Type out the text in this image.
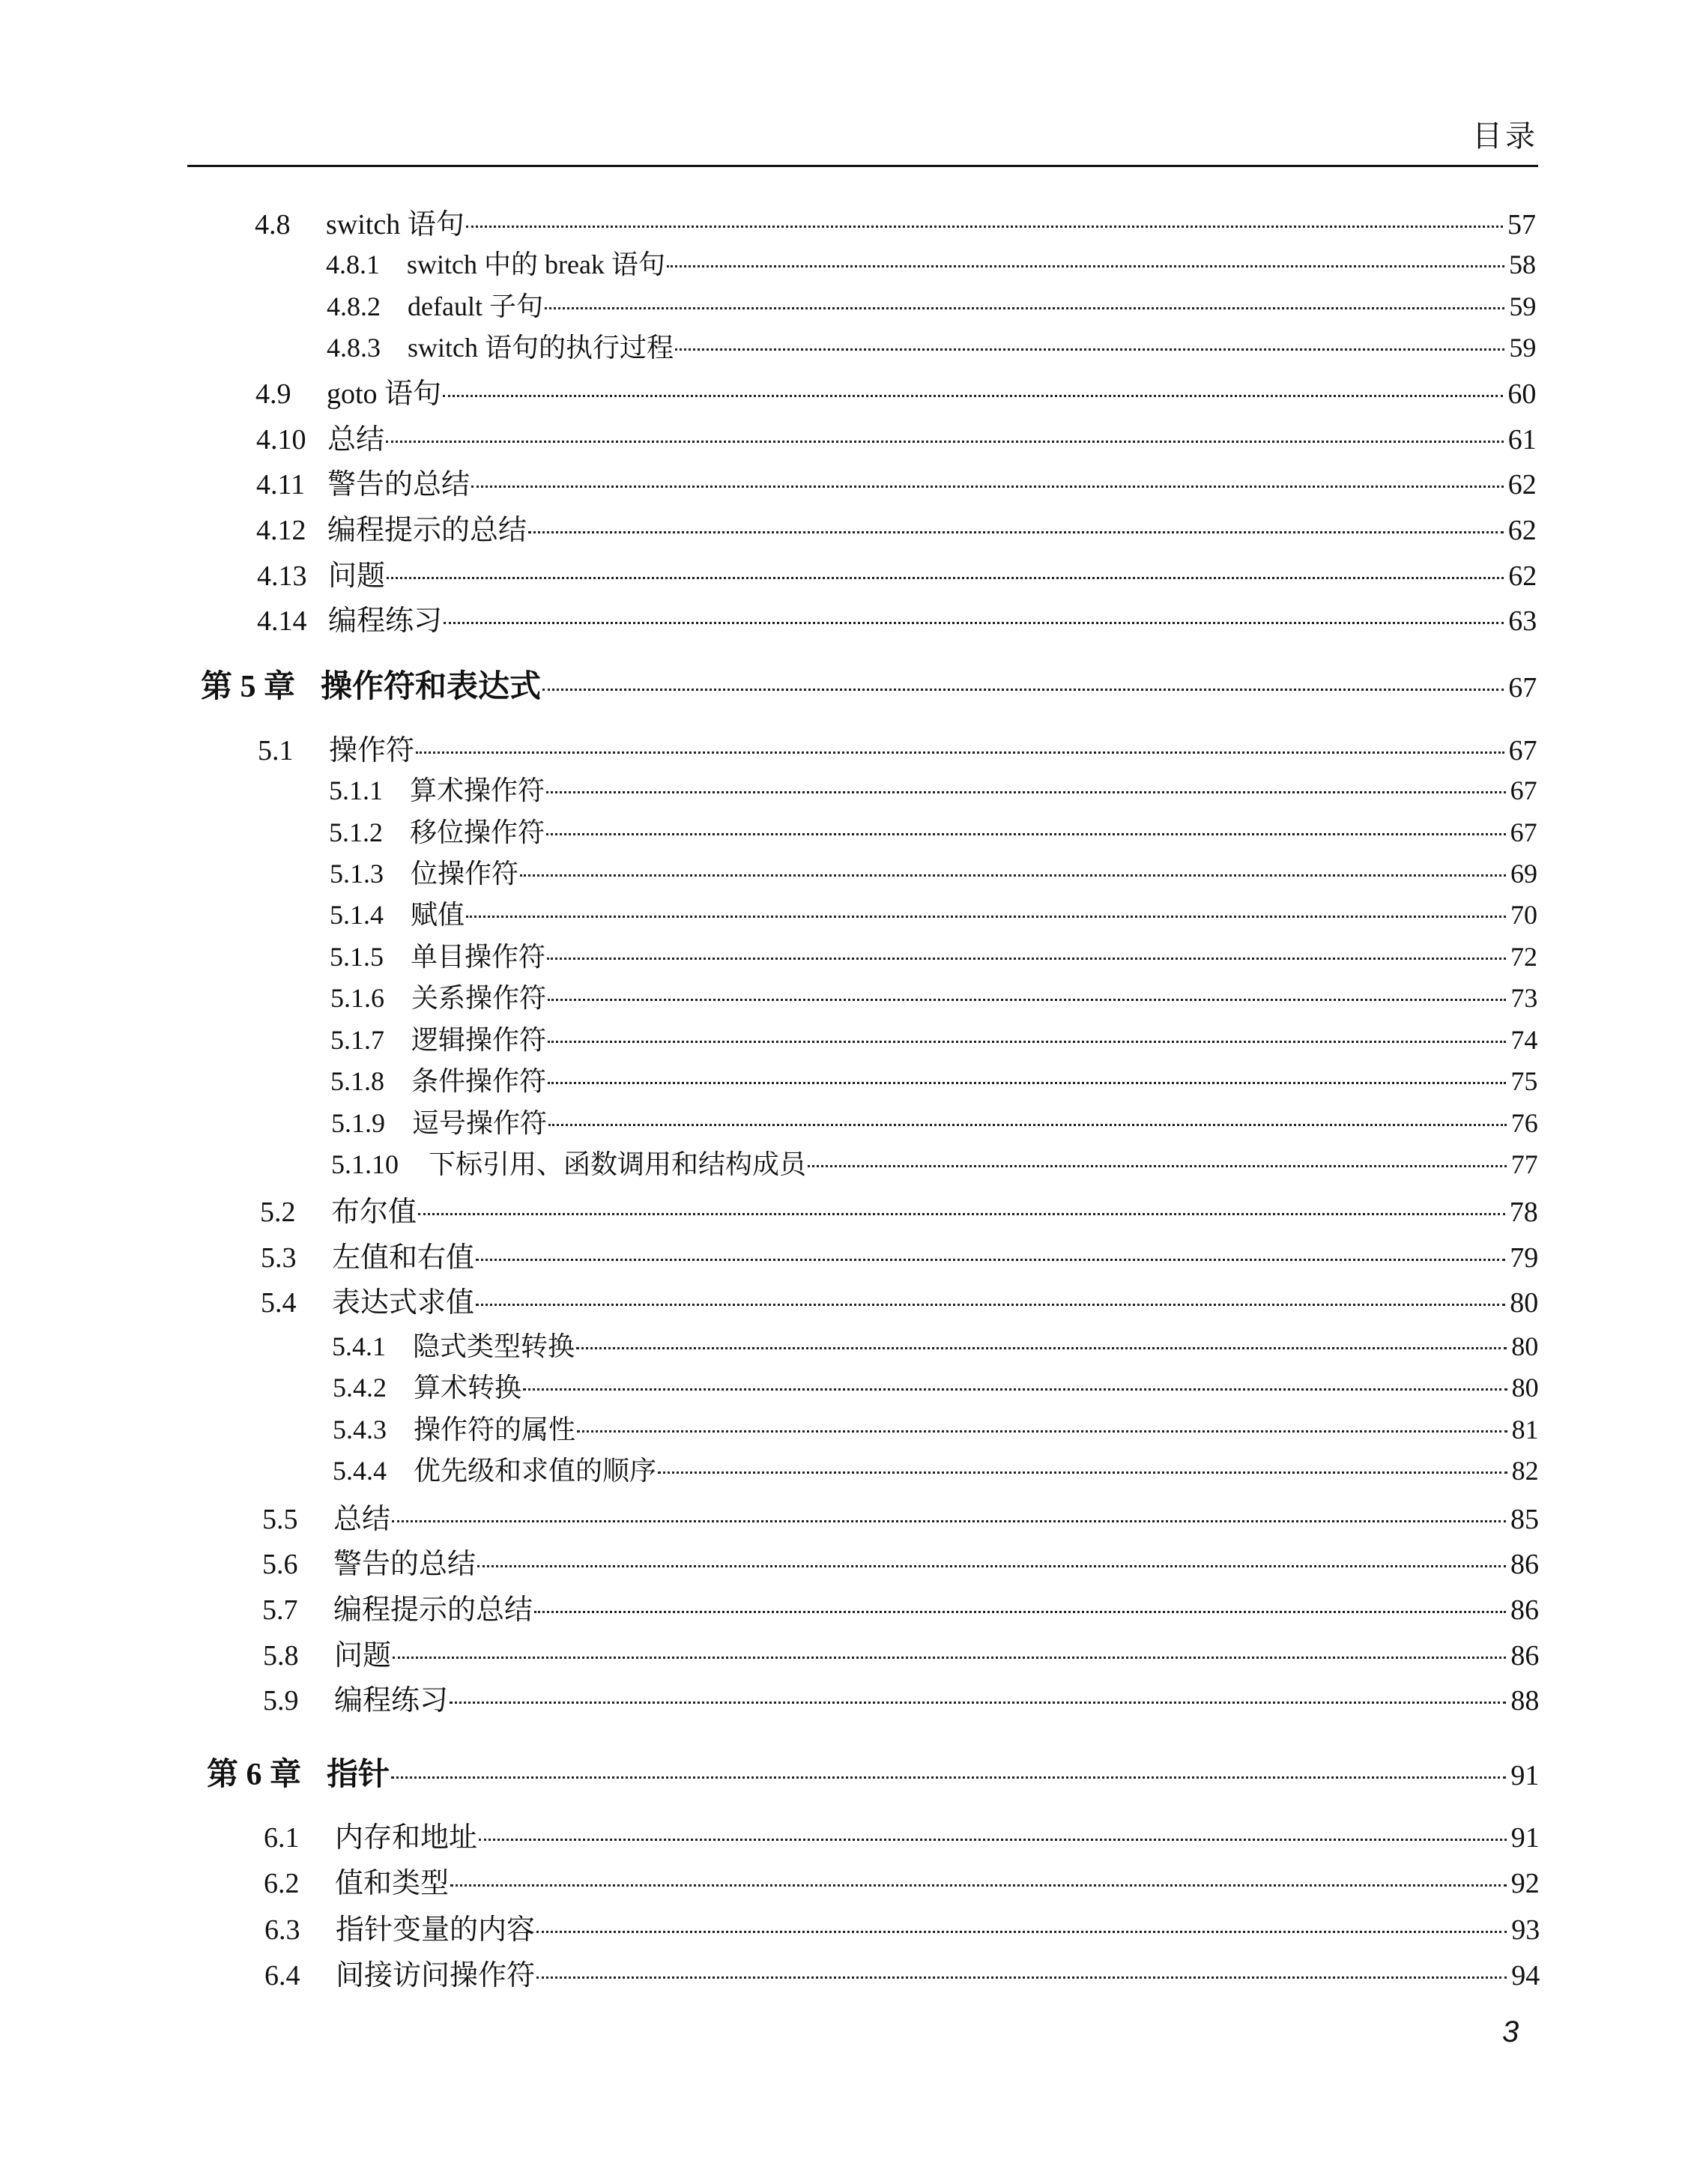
目录
4.8	switch 语句	57
4.8.1	switch 中的 break 语句	58
4.8.2	default 子句	59
4.8.3	switch 语句的执行过程	59
4.9	goto 语句	60
4.10 总结	61
4.11 警告的总结	62
4.12 编程提示的总结	62
4.13 问题	62
4.14 编程练习	63
第 5 章 操作符和表达式	67
5.1	操作符	67
5.1.1	算术操作符	67
5.1.2	移位操作符	67
5.1.3	位操作符	69
5.1.4	赋值	70
5.1.5	单目操作符	72
5.1.6	关系操作符	73
5.1.7	逻辑操作符	74
5.1.8	条件操作符	75
5.1.9	逗号操作符	76
5.1.10	下标引用、函数调用和结构成员	77
5.2	布尔值	78
5.3	左值和右值	79
5.4	表达式求值	80
5.4.1	隐式类型转换	80
5.4.2	算术转换	80
5.4.3	操作符的属性	81
5.4.4	优先级和求值的顺序	82
5.5	总结	85
5.6	警告的总结	86
5.7	编程提示的总结	86
5.8	问题	86
5.9	编程练习	88
第 6 章 指针	91
6.1	内存和地址	91
6.2	值和类型	92
6.3	指针变量的内容	93
6.4	间接访问操作符	94
3
